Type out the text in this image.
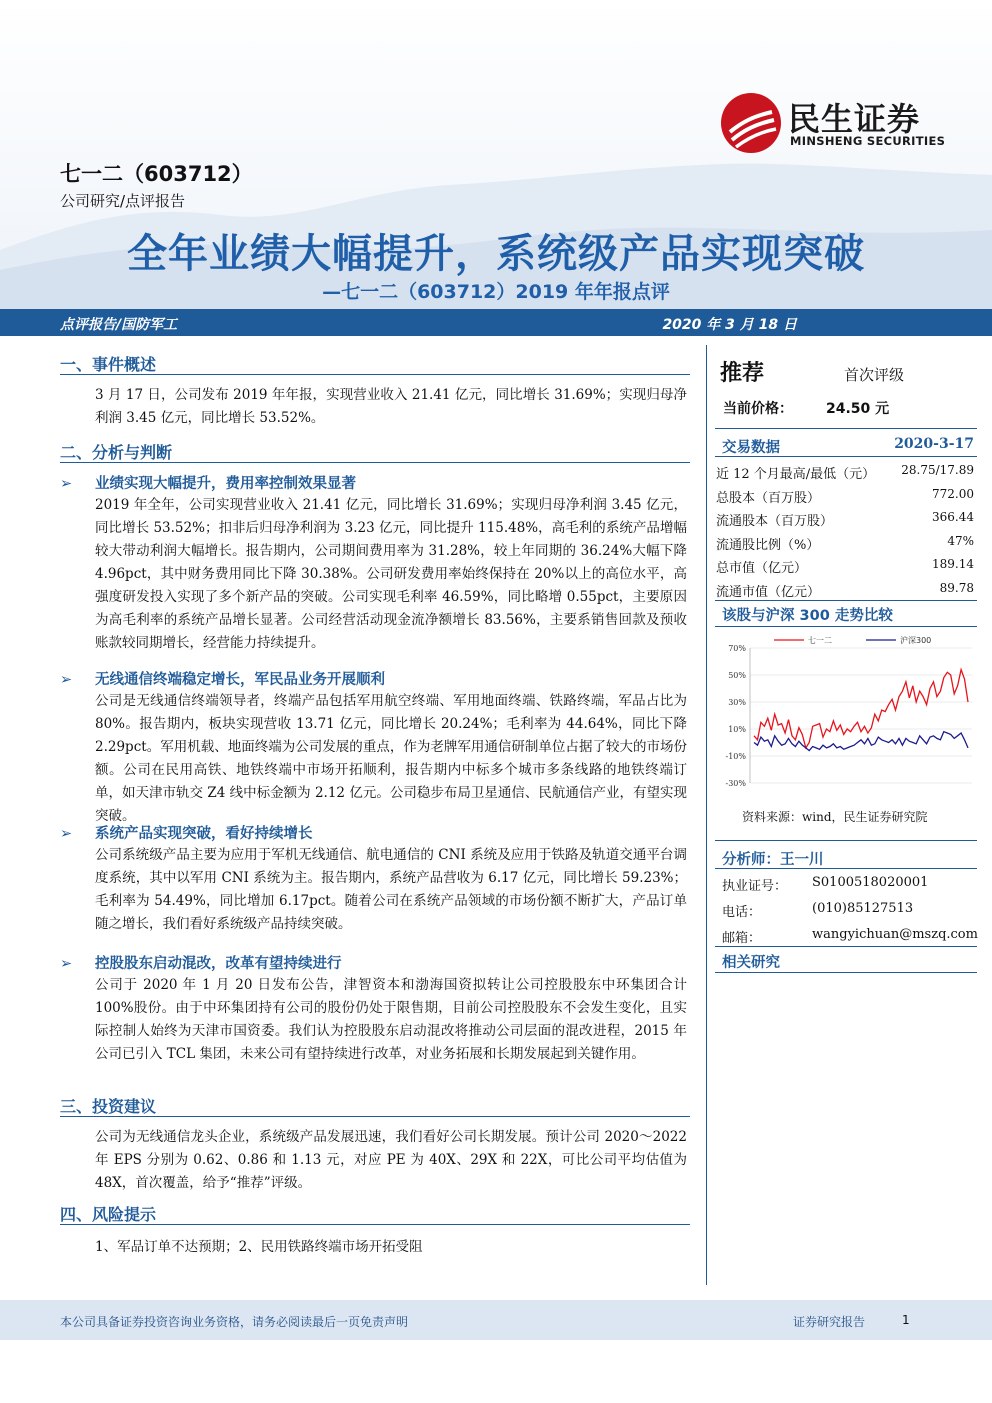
民生证券
MINSHENG SECURITIES
七一二（603712）
公司研究/点评报告
全年业绩大幅提升，系统级产品实现突破
—七一二（603712）2019 年年报点评
点评报告/国防军工	2020 年 3 月 18 日
一、事件概述
3 月 17 日，公司发布 2019 年年报，实现营业收入 21.41 亿元，同比增长 31.69%；实现归母净利润 3.45 亿元，同比增长 53.52%。
二、分析与判断
➢ 业绩实现大幅提升，费用率控制效果显著
2019 年全年，公司实现营业收入 21.41 亿元，同比增长 31.69%；实现归母净利润 3.45 亿元，同比增长 53.52%；扣非后归母净利润为 3.23 亿元，同比提升 115.48%，高毛利的系统产品增幅较大带动利润大幅增长。报告期内，公司期间费用率为 31.28%，较上年同期的 36.24%大幅下降 4.96pct，其中财务费用同比下降 30.38%。公司研发费用率始终保持在 20%以上的高位水平，高强度研发投入实现了多个新产品的突破。公司实现毛利率 46.59%，同比略增 0.55pct，主要原因为高毛利率的系统产品增长显著。公司经营活动现金流净额增长 83.56%，主要系销售回款及预收账款较同期增长，经营能力持续提升。
➢ 无线通信终端稳定增长，军民品业务开展顺利
公司是无线通信终端领导者，终端产品包括军用航空终端、军用地面终端、铁路终端，军品占比为 80%。报告期内，板块实现营收 13.71 亿元，同比增长 20.24%；毛利率为 44.64%，同比下降 2.29pct。军用机载、地面终端为公司发展的重点，作为老牌军用通信研制单位占据了较大的市场份额。公司在民用高铁、地铁终端中市场开拓顺利，报告期内中标多个城市多条线路的地铁终端订单，如天津市轨交 Z4 线中标金额为 2.12 亿元。公司稳步布局卫星通信、民航通信产业，有望实现突破。
➢ 系统产品实现突破，看好持续增长
公司系统级产品主要为应用于军机无线通信、航电通信的 CNI 系统及应用于铁路及轨道交通平台调度系统，其中以军用 CNI 系统为主。报告期内，系统产品营收为 6.17 亿元，同比增长 59.23%；毛利率为 54.49%，同比增加 6.17pct。随着公司在系统产品领域的市场份额不断扩大，产品订单随之增长，我们看好系统级产品持续突破。
➢ 控股股东启动混改，改革有望持续进行
公司于 2020 年 1 月 20 日发布公告，津智资本和渤海国资拟转让公司控股股东中环集团合计 100%股份。由于中环集团持有公司的股份仍处于限售期，目前公司控股股东不会发生变化，且实际控制人始终为天津市国资委。我们认为控股股东启动混改将推动公司层面的混改进程，2015 年公司已引入 TCL 集团，未来公司有望持续进行改革，对业务拓展和长期发展起到关键作用。
三、投资建议
公司为无线通信龙头企业，系统级产品发展迅速，我们看好公司长期发展。预计公司 2020～2022 年 EPS 分别为 0.62、0.86 和 1.13 元，对应 PE 为 40X、29X 和 22X，可比公司平均估值为 48X，首次覆盖，给予“推荐”评级。
四、风险提示
1、军品订单不达预期；2、民用铁路终端市场开拓受阻
推荐	首次评级
当前价格： 24.50 元
交易数据	2020-3-17
近 12 个月最高/最低（元） 28.75/17.89
总股本（百万股）	772.00
流通股本（百万股）	366.44
流通股比例（%）	47%
总市值（亿元）	189.14
流通市值（亿元）	89.78
该股与沪深 300 走势比较
70%
50%
30%
10%
-10%
-30%
七一二	沪深300
资料来源：wind，民生证券研究院
分析师：王一川
执业证号： S0100518020001
电话：	(010)85127513
邮箱：	wangyichuan@mszq.com
相关研究
本公司具备证券投资咨询业务资格，请务必阅读最后一页免责声明	证券研究报告	1
